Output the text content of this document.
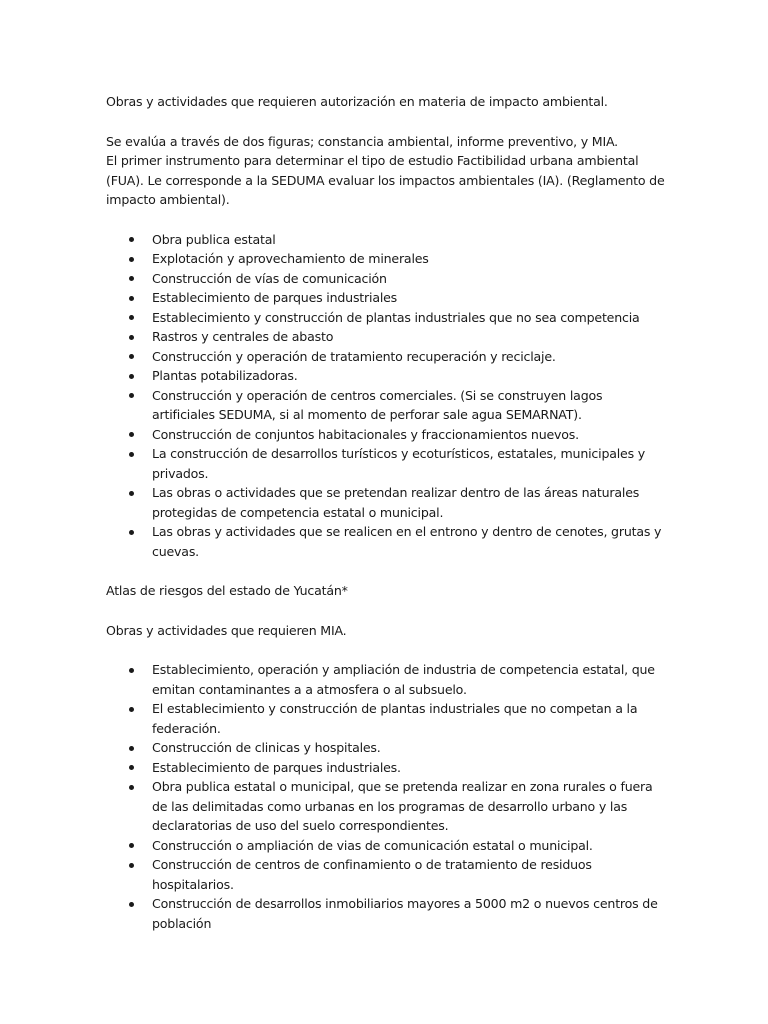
Obras y actividades que requieren autorización en materia de impacto ambiental.

Se evalúa a través de dos figuras; constancia ambiental, informe preventivo, y MIA.

El primer instrumento para determinar el tipo de estudio Factibilidad urbana ambiental (FUA). Le corresponde a la SEDUMA evaluar los impactos ambientales (IA). (Reglamento de impacto ambiental).

Obra publica estatal
Explotación y aprovechamiento de minerales
Construcción de vías de comunicación
Establecimiento de parques industriales
Establecimiento y construcción de plantas industriales que no sea competencia
Rastros y centrales de abasto
Construcción y operación de tratamiento recuperación y reciclaje.
Plantas potabilizadoras.
Construcción y operación de centros comerciales. (Si se construyen lagos artificiales SEDUMA, si al momento de perforar sale agua SEMARNAT).
Construcción de conjuntos habitacionales y fraccionamientos nuevos.
La construcción de desarrollos turísticos y ecoturísticos, estatales, municipales y privados.
Las obras o actividades que se pretendan realizar dentro de las áreas naturales protegidas de competencia estatal o municipal.
Las obras y actividades que se realicen en el entrono y dentro de cenotes, grutas y cuevas.

Atlas de riesgos del estado de Yucatán*

Obras y actividades que requieren MIA.

Establecimiento, operación y ampliación de industria de competencia estatal, que emitan contaminantes a a atmosfera o al subsuelo.
El establecimiento y construcción de plantas industriales que no competan a la federación.
Construcción de clinicas y hospitales.
Establecimiento de parques industriales.
Obra publica estatal o municipal, que se pretenda realizar en zona rurales o fuera de las delimitadas como urbanas en los programas de desarrollo urbano y las declaratorias de uso del suelo correspondientes.
Construcción o ampliación de vias de comunicación estatal o municipal.
Construcción de centros de confinamiento o de tratamiento de residuos hospitalarios.
Construcción de desarrollos inmobiliarios mayores a 5000 m2 o nuevos centros de población
